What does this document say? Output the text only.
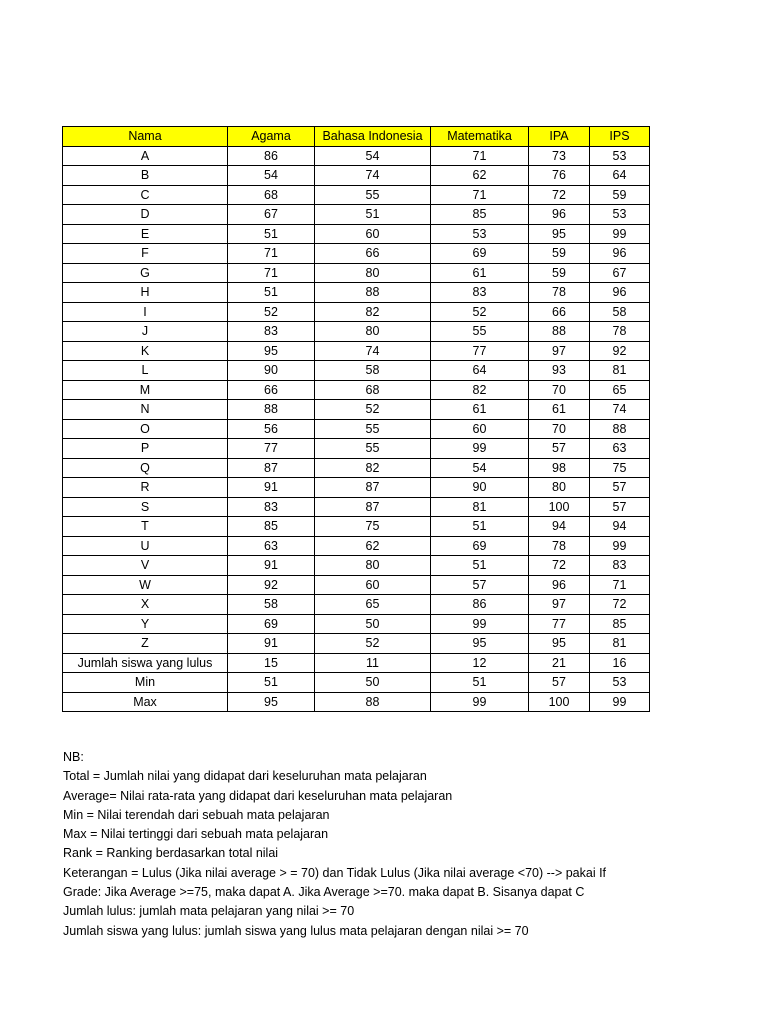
Nama	Agama	Bahasa Indonesia	Matematika	IPA	IPS
A	86	54	71	73	53
B	54	74	62	76	64
C	68	55	71	72	59
D	67	51	85	96	53
E	51	60	53	95	99
F	71	66	69	59	96
G	71	80	61	59	67
H	51	88	83	78	96
I	52	82	52	66	58
J	83	80	55	88	78
K	95	74	77	97	92
L	90	58	64	93	81
M	66	68	82	70	65
N	88	52	61	61	74
O	56	55	60	70	88
P	77	55	99	57	63
Q	87	82	54	98	75
R	91	87	90	80	57
S	83	87	81	100	57
T	85	75	51	94	94
U	63	62	69	78	99
V	91	80	51	72	83
W	92	60	57	96	71
X	58	65	86	97	72
Y	69	50	99	77	85
Z	91	52	95	95	81
Jumlah siswa yang lulus	15	11	12	21	16
Min	51	50	51	57	53
Max	95	88	99	100	99
NB:
Total = Jumlah nilai yang didapat dari keseluruhan mata pelajaran
Average= Nilai rata-rata yang didapat dari keseluruhan mata pelajaran
Min = Nilai terendah dari sebuah mata pelajaran
Max = Nilai tertinggi dari sebuah mata pelajaran
Rank = Ranking berdasarkan total nilai
Keterangan = Lulus (Jika nilai average > = 70) dan Tidak Lulus (Jika nilai average <70) --> pakai If
Grade: Jika Average >=75, maka dapat A. Jika Average >=70. maka dapat B. Sisanya dapat C
Jumlah lulus: jumlah mata pelajaran yang nilai >= 70
Jumlah siswa yang lulus: jumlah siswa yang lulus mata pelajaran dengan nilai >= 70
